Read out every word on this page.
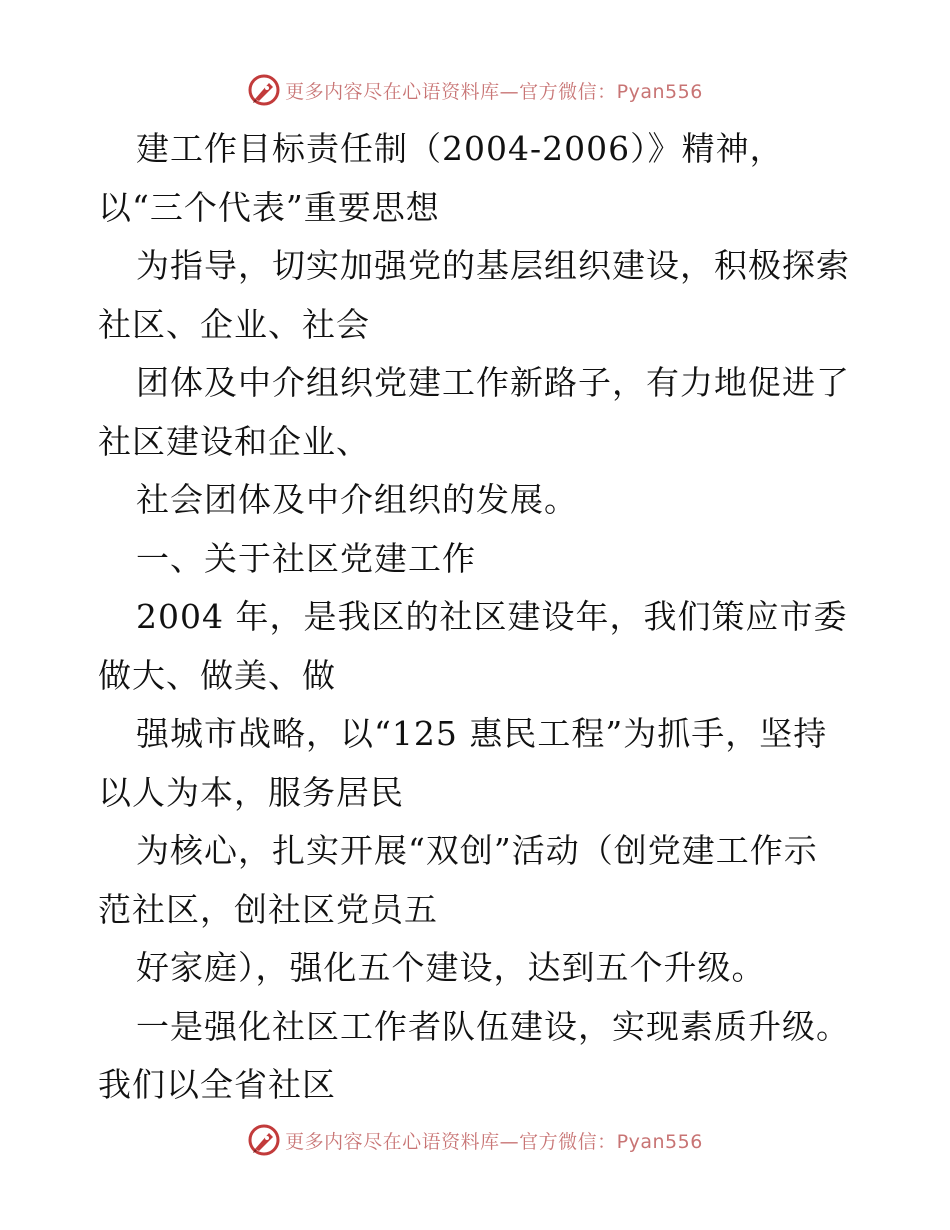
更多内容尽在心语资料库—官方微信：Pyan556
建工作目标责任制（2004-2006）》精神，
以“三个代表”重要思想
为指导，切实加强党的基层组织建设，积极探索
社区、企业、社会
团体及中介组织党建工作新路子，有力地促进了
社区建设和企业、
社会团体及中介组织的发展。
一、关于社区党建工作
2004 年，是我区的社区建设年，我们策应市委
做大、做美、做
强城市战略，以“125 惠民工程”为抓手，坚持
以人为本，服务居民
为核心，扎实开展“双创”活动（创党建工作示
范社区，创社区党员五
好家庭），强化五个建设，达到五个升级。
一是强化社区工作者队伍建设，实现素质升级。
我们以全省社区
更多内容尽在心语资料库—官方微信：Pyan556
